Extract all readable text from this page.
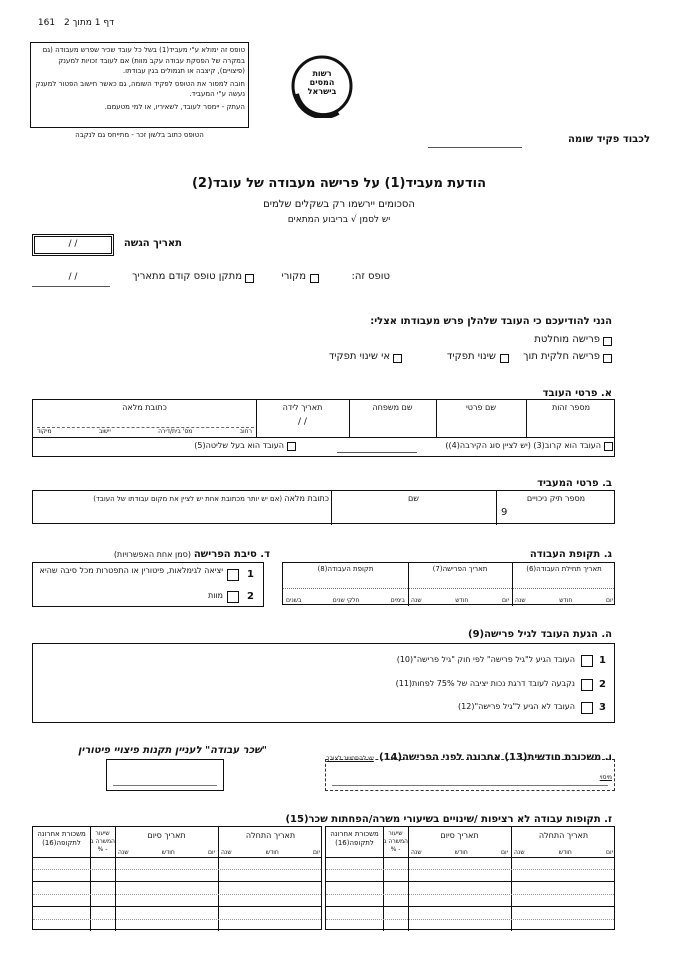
דף 1 מתוך 2 161
טופס זה ימולא ע"י מעביד(1) בשל כל עובד שכיר שפרש מעבודה (גם במקרה של הפסקת עבודה עקב מוות) אם לעובד זכויות למענק (פיצויים), קיצבה או תגמולים בגין עבודתו.
חובה למסור את הטופס לפקיד השומה, גם כאשר חישוב הפטור למענק נעשה ע"י המעביד.
העתק - יימסר לעובד, לשאיריו, או למי מטעמם.
הטופס כתוב בלשון זכר - מתייחס גם לנקבה
רשות
המסים
בישראל
לכבוד פקיד שומה
הודעת מעביד(1) על פרישה מעבודה של עובד(2)
הסכומים יירשמו רק בשקלים שלמים
יש לסמן √ בריבוע המתאים
/ /	תאריך הגשה
טופס זה:
מקורי
מתקן טופס קודם מתאריך
/ /
הנני להודיעכם כי העובד שלהלן פרש מעבודתו אצלי:
פרישה מוחלטת
פרישה חלקית תוך
שינוי תפקיד
אי שינוי תפקיד
א. פרטי העובד
מספר זהות
שם פרטי
שם משפחה
תאריך לידה
/ /
כתובת מלאה
רחוב
מס' בית/דירה
יישוב
מיקוד
העובד הוא קרוב(3) (יש לציין סוג הקירבה(4))
העובד הוא בעל שליטה(5)
ב. פרטי המעביד
מספר תיק ניכויים
9
שם
כתובת מלאה (אם יש יותר מכתובת אחת יש לציין את מקום עבודתו של העובד)
ג. תקופת העבודה
תאריך תחילת העבודה(6)
תאריך הפרישה(7)
תקופת העבודה(8)
יום
חודש
שנה
יום
חודש
שנה
בימים
חלקי שנים
בשנים
ד. סיבת הפרישה (סמן אחת האפשרויות)
1
יציאה לגימלאות, פיטורין או התפטרות מכל סיבה שהיא
2
מוות
ה. הגעת העובד לגיל פרישה(9)
1
העובד הגיע ל"גיל פרישה" לפי חוק "גיל פרישה"(10)
2
נקבעה לעובד דרגת נכות יציבה של 75% לפחות(11)
3
העובד לא הגיע ל"גיל פרישה"(12)
ו. משכורת חודשית(13) אחרונה לפני הפרישה(14) יש להתחשב לצורך מיסוי
"שכר עבודה" לעניין תקנות פיצויי פיטורין
ז. תקופות עבודה לא רציפות /שינויים בשיעורי משרה/הפחתות שכר(15)
תאריך התחלה
תאריך סיום
שיעור המשרה ב - %
משכורת אחרונה לתקופה(16)
יום
חודש
שנה
יום
חודש
שנה
תאריך התחלה
תאריך סיום
שיעור המשרה ב - %
משכורת אחרונה לתקופה(16)
יום
חודש
שנה
יום
חודש
שנה
